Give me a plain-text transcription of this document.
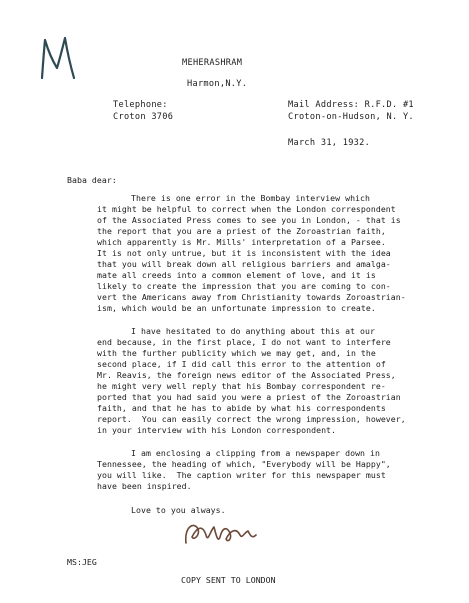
MEHERASHRAM
Harmon,N.Y.
Telephone:
Croton 3706
Mail Address: R.F.D. #1
Croton-on-Hudson, N. Y.
March 31, 1932.
Baba dear:
There is one error in the Bombay interview which
it might be helpful to correct when the London correspondent
of the Associated Press comes to see you in London, - that is
the report that you are a priest of the Zoroastrian faith,
which apparently is Mr. Mills' interpretation of a Parsee.
It is not only untrue, but it is inconsistent with the idea
that you will break down all religious barriers and amalga-
mate all creeds into a common element of love, and it is
likely to create the impression that you are coming to con-
vert the Americans away from Christianity towards Zoroastrian-
ism, which would be an unfortunate impression to create.
I have hesitated to do anything about this at our
end because, in the first place, I do not want to interfere
with the further publicity which we may get, and, in the
second place, if I did call this error to the attention of
Mr. Reavis, the foreign news editor of the Associated Press,
he might very well reply that his Bombay correspondent re-
ported that you had said you were a priest of the Zoroastrian
faith, and that he has to abide by what his correspondents
report.  You can easily correct the wrong impression, however,
in your interview with his London correspondent.
I am enclosing a clipping from a newspaper down in
Tennessee, the heading of which, "Everybody will be Happy",
you will like.  The caption writer for this newspaper must
have been inspired.
Love to you always.
MS:JEG
COPY SENT TO LONDON
